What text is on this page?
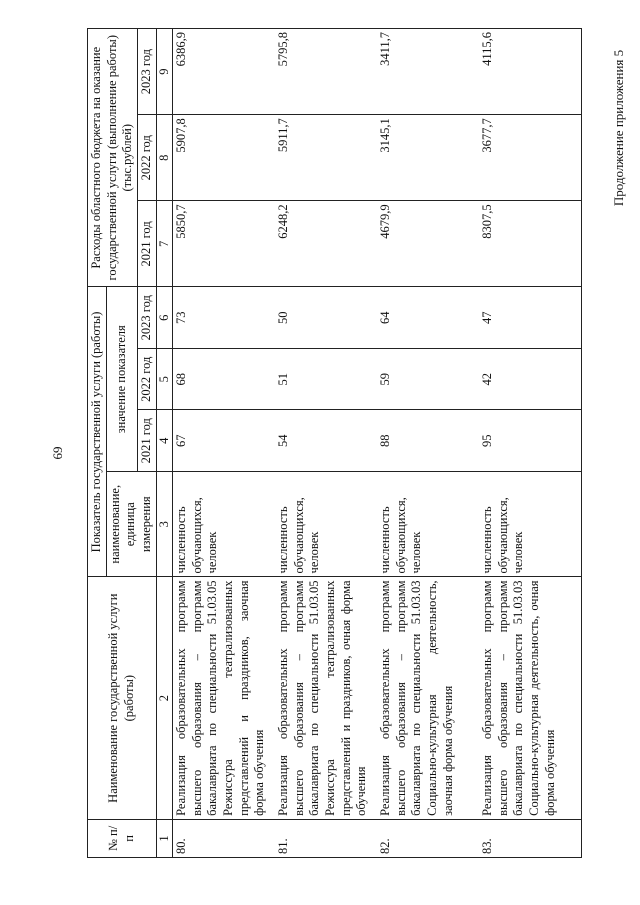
69
Продолжение приложения 5
№ п/п	Наименование государственной услуги (работы)	Показатель государственной услуги (работы)				Расходы областного бюджета на оказание государственной услуги (выполнение работы) (тыс.рублей)		
		наименование, единица измерения	значение показателя					
			2021 год	2022 год	2023 год	2021 год	2022 год	2023 год
1	2	3	4	5	6	7	8	9
80.	Реализация образовательных программ высшего образования – программ бакалавриата по специальности 51.03.05 Режиссура театрализованных представлений и праздников, заочная форма обучения	численность обучающихся, человек	67	68	73	5850,7	5907,8	6386,9
81.	Реализация образовательных программ высшего образования – программ бакалавриата по специальности 51.03.05 Режиссура театрализованных представлений и праздников, очная форма обучения	численность обучающихся, человек	54	51	50	6248,2	5911,7	5795,8
82.	Реализация образовательных программ высшего образования – программ бакалавриата по специальности 51.03.03 Социально-культурная деятельность, заочная форма обучения	численность обучающихся, человек	88	59	64	4679,9	3145,1	3411,7
83.	Реализация образовательных программ высшего образования – программ бакалавриата по специальности 51.03.03 Социально-культурная деятельность, очная форма обучения	численность обучающихся, человек	95	42	47	8307,5	3677,7	4115,6
